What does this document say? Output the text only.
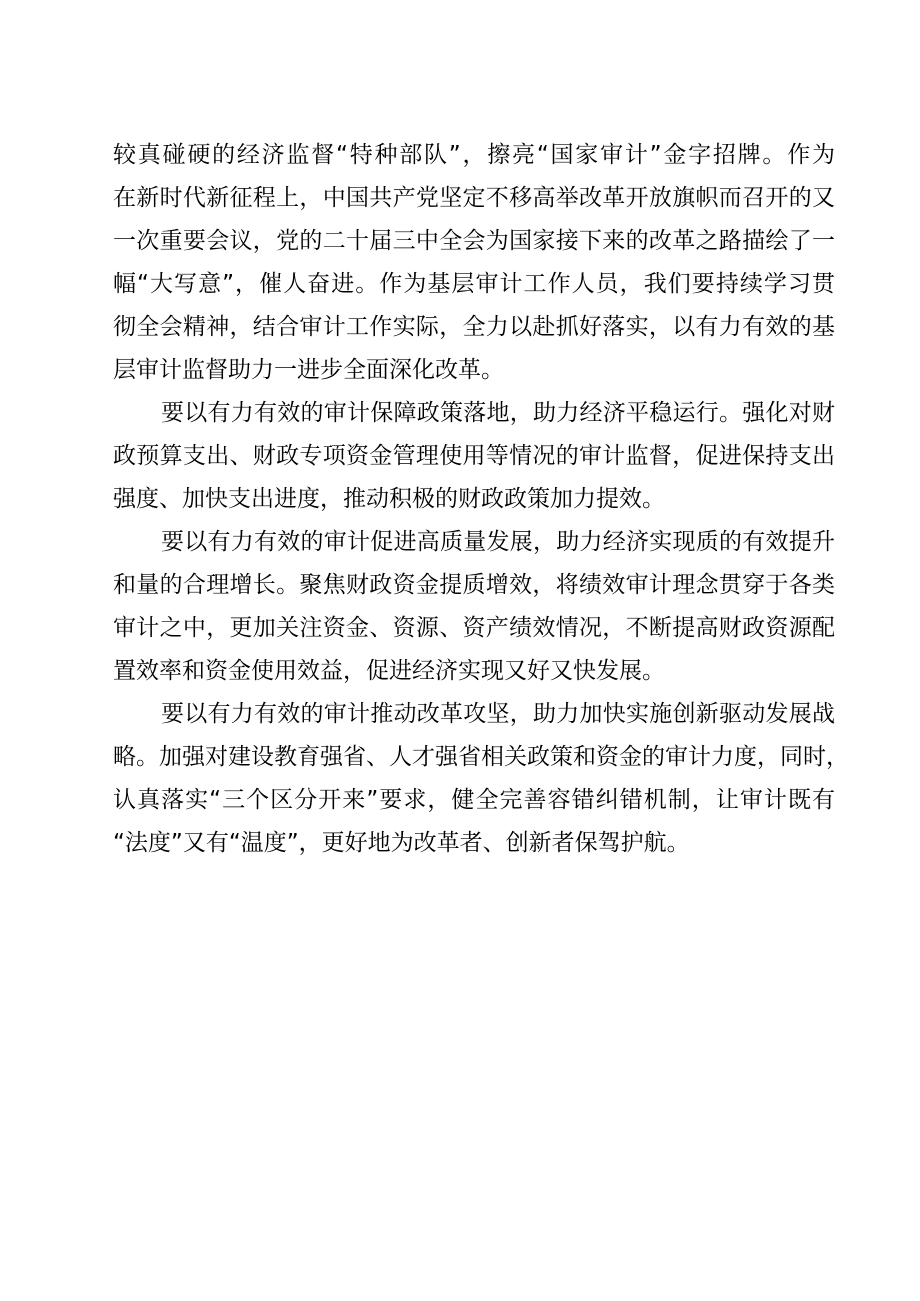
较真碰硬的经济监督“特种部队”，擦亮“国家审计”金字招牌。作为
在新时代新征程上，中国共产党坚定不移高举改革开放旗帜而召开的又
一次重要会议，党的二十届三中全会为国家接下来的改革之路描绘了一
幅“大写意”，催人奋进。作为基层审计工作人员，我们要持续学习贯
彻全会精神，结合审计工作实际，全力以赴抓好落实，以有力有效的基
层审计监督助力一进步全面深化改革。
要以有力有效的审计保障政策落地，助力经济平稳运行。强化对财
政预算支出、财政专项资金管理使用等情况的审计监督，促进保持支出
强度、加快支出进度，推动积极的财政政策加力提效。
要以有力有效的审计促进高质量发展，助力经济实现质的有效提升
和量的合理增长。聚焦财政资金提质增效，将绩效审计理念贯穿于各类
审计之中，更加关注资金、资源、资产绩效情况，不断提高财政资源配
置效率和资金使用效益，促进经济实现又好又快发展。
要以有力有效的审计推动改革攻坚，助力加快实施创新驱动发展战
略。加强对建设教育强省、人才强省相关政策和资金的审计力度，同时，
认真落实“三个区分开来”要求，健全完善容错纠错机制，让审计既有
“法度”又有“温度”，更好地为改革者、创新者保驾护航。
